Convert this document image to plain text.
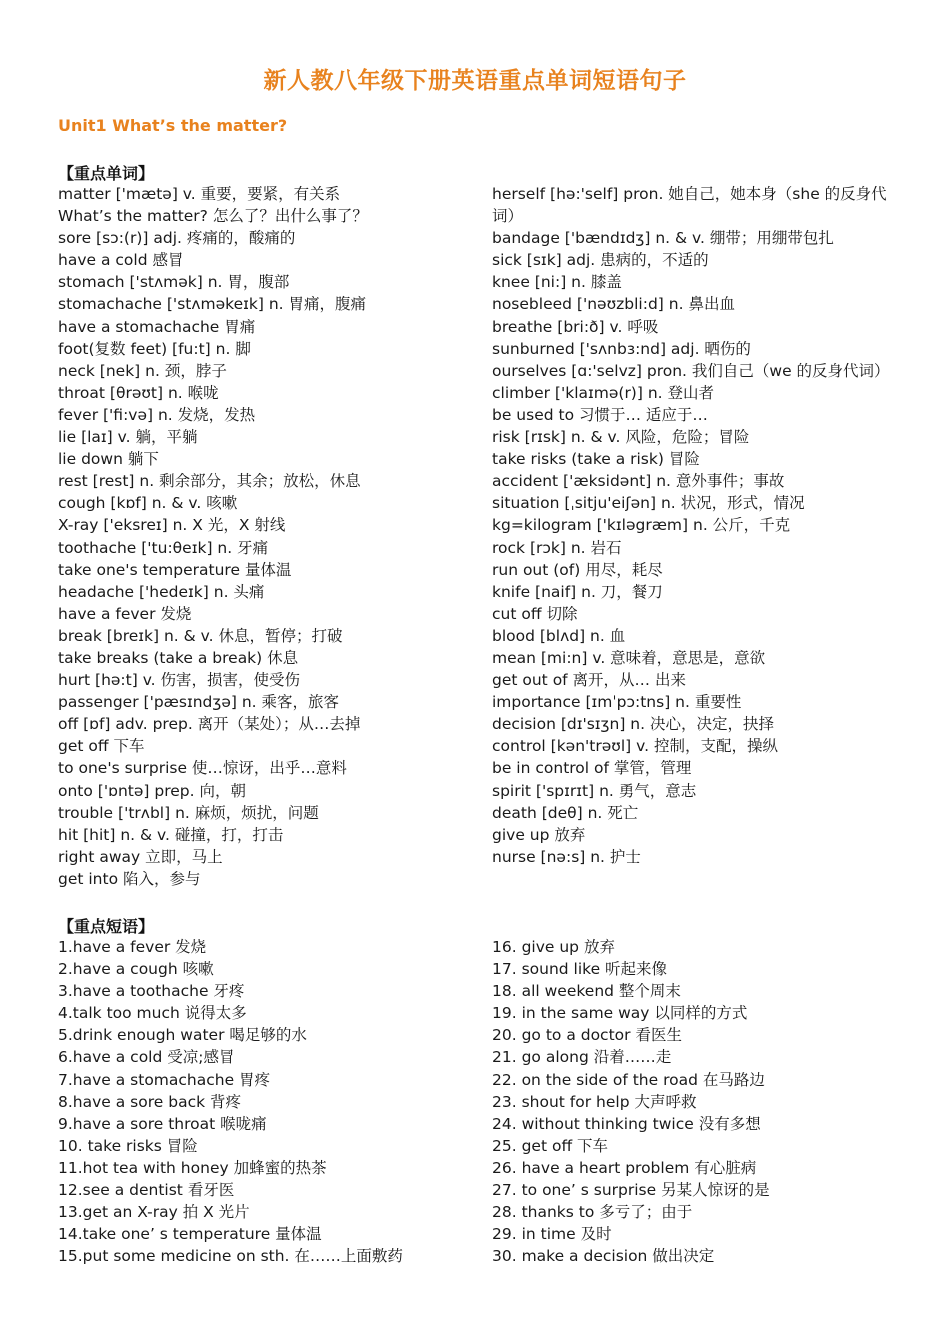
新人教八年级下册英语重点单词短语句子
Unit1 What’s the matter?
【重点单词】
matter ['mætə] v. 重要，要紧，有关系
What’s the matter? 怎么了？出什么事了？
sore [sɔ:(r)] adj. 疼痛的，酸痛的
have a cold 感冒
stomach ['stʌmək] n. 胃，腹部
stomachache ['stʌməkeɪk] n. 胃痛，腹痛
have a stomachache 胃痛
foot(复数 feet) [fu:t] n. 脚
neck [nek] n. 颈，脖子
throat [θrəʊt] n. 喉咙
fever ['fi:və] n. 发烧，发热
lie [laɪ] v. 躺，平躺
lie down 躺下
rest [rest] n. 剩余部分，其余；放松，休息
cough [kɒf] n. & v. 咳嗽
X-ray ['eksreɪ] n. X 光，X 射线
toothache ['tu:θeɪk] n. 牙痛
take one's temperature 量体温
headache ['hedeɪk] n. 头痛
have a fever 发烧
break [breɪk] n. & v. 休息，暂停；打破
take breaks (take a break) 休息
hurt [hə:t] v. 伤害，损害，使受伤
passenger ['pæsɪndʒə] n. 乘客，旅客
off [ɒf] adv. prep. 离开（某处）；从…去掉
get off 下车
to one's surprise 使…惊讶，出乎…意料
onto ['ɒntə] prep. 向，朝
trouble ['trʌbl] n. 麻烦，烦扰，问题
hit [hit] n. & v. 碰撞，打，打击
right away 立即，马上
get into 陷入，参与
herself [hə:'self] pron. 她自己，她本身（she 的反身代词）
bandage ['bændɪdʒ] n. & v. 绷带；用绷带包扎
sick [sɪk] adj. 患病的，不适的
knee [ni:] n. 膝盖
nosebleed ['nəʊzbli:d] n. 鼻出血
breathe [bri:ð] v. 呼吸
sunburned ['sʌnbɜ:nd] adj. 晒伤的
ourselves [ɑ:'selvz] pron. 我们自己（we 的反身代词）
climber ['klaɪmə(r)] n. 登山者
be used to 习惯于… 适应于…
risk [rɪsk] n. & v. 风险，危险；冒险
take risks (take a risk) 冒险
accident ['æksidənt] n. 意外事件；事故
situation [ˌsitju'eiʃən] n. 状况，形式，情况
kg=kilogram ['kɪləgræm] n. 公斤，千克
rock [rɔk] n. 岩石
run out (of) 用尽，耗尽
knife [naif] n. 刀，餐刀
cut off 切除
blood [blʌd] n. 血
mean [mi:n] v. 意味着，意思是，意欲
get out of 离开，从… 出来
importance [ɪmˈpɔ:tns] n. 重要性
decision [dɪ'sɪʒn] n. 决心，决定，抉择
control [kən'trəʊl] v. 控制，支配，操纵
be in control of 掌管，管理
spirit ['spɪrɪt] n. 勇气，意志
death [deθ] n. 死亡
give up 放弃
nurse [nə:s] n. 护士
【重点短语】
1.have a fever 发烧
2.have a cough 咳嗽
3.have a toothache 牙疼
4.talk too much 说得太多
5.drink enough water 喝足够的水
6.have a cold 受凉;感冒
7.have a stomachache 胃疼
8.have a sore back 背疼
9.have a sore throat 喉咙痛
10. take risks 冒险
11.hot tea with honey 加蜂蜜的热茶
12.see a dentist 看牙医
13.get an X-ray 拍 X 光片
14.take one’ s temperature 量体温
15.put some medicine on sth. 在……上面敷药
16. give up 放弃
17. sound like 听起来像
18. all weekend 整个周末
19. in the same way 以同样的方式
20. go to a doctor 看医生
21. go along 沿着……走
22. on the side of the road 在马路边
23. shout for help 大声呼救
24. without thinking twice 没有多想
25. get off 下车
26. have a heart problem 有心脏病
27. to one’ s surprise 另某人惊讶的是
28. thanks to 多亏了；由于
29. in time 及时
30. make a decision 做出决定
